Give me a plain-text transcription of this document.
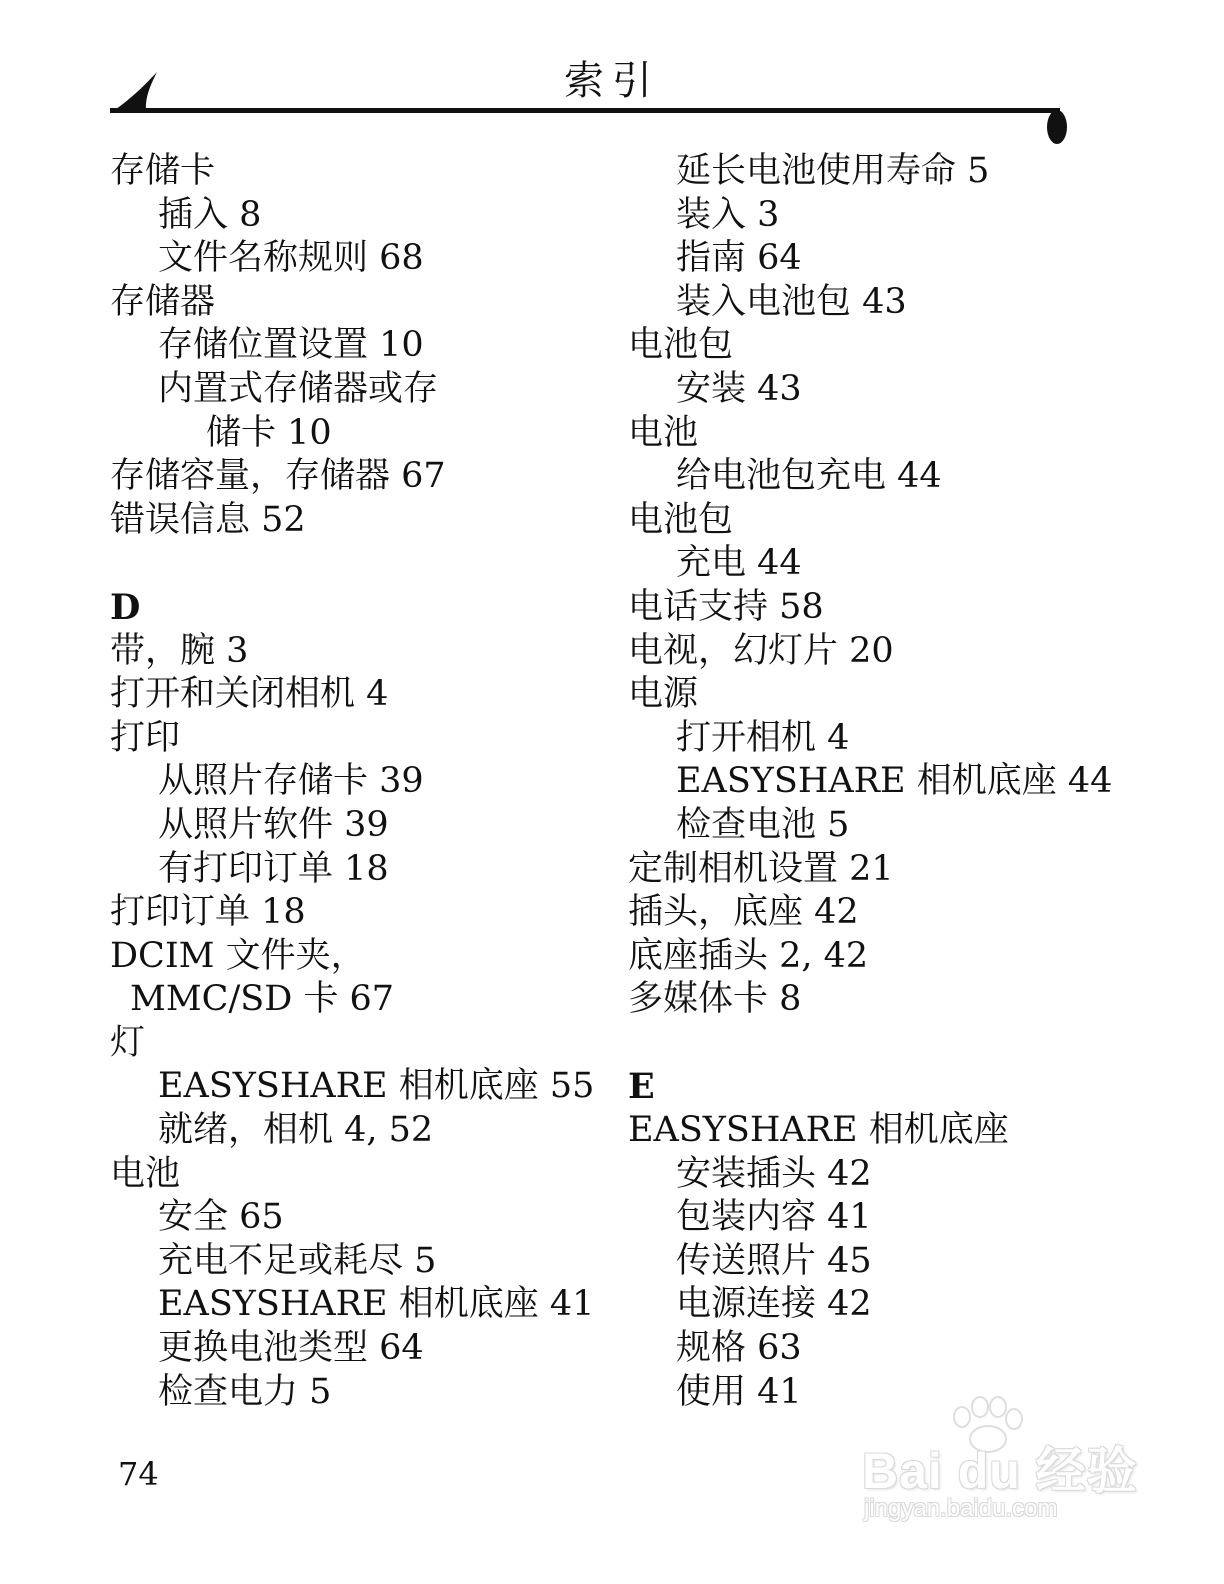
索引
存储卡
插入 8
文件名称规则 68
存储器
存储位置设置 10
内置式存储器或存
储卡 10
存储容量，存储器 67
错误信息 52
D
带，腕 3
打开和关闭相机 4
打印
从照片存储卡 39
从照片软件 39
有打印订单 18
打印订单 18
DCIM 文件夹，
MMC/SD 卡 67
灯
EASYSHARE 相机底座 55
就绪，相机 4, 52
电池
安全 65
充电不足或耗尽 5
EASYSHARE 相机底座 41
更换电池类型 64
检查电力 5
延长电池使用寿命 5
装入 3
指南 64
装入电池包 43
电池包
安装 43
电池
给电池包充电 44
电池包
充电 44
电话支持 58
电视，幻灯片 20
电源
打开相机 4
EASYSHARE 相机底座 44
检查电池 5
定制相机设置 21
插头，底座 42
底座插头 2, 42
多媒体卡 8
E
EASYSHARE 相机底座
安装插头 42
包装内容 41
传送照片 45
电源连接 42
规格 63
使用 41
74	Bai du 经验
jingyan.baidu.com
